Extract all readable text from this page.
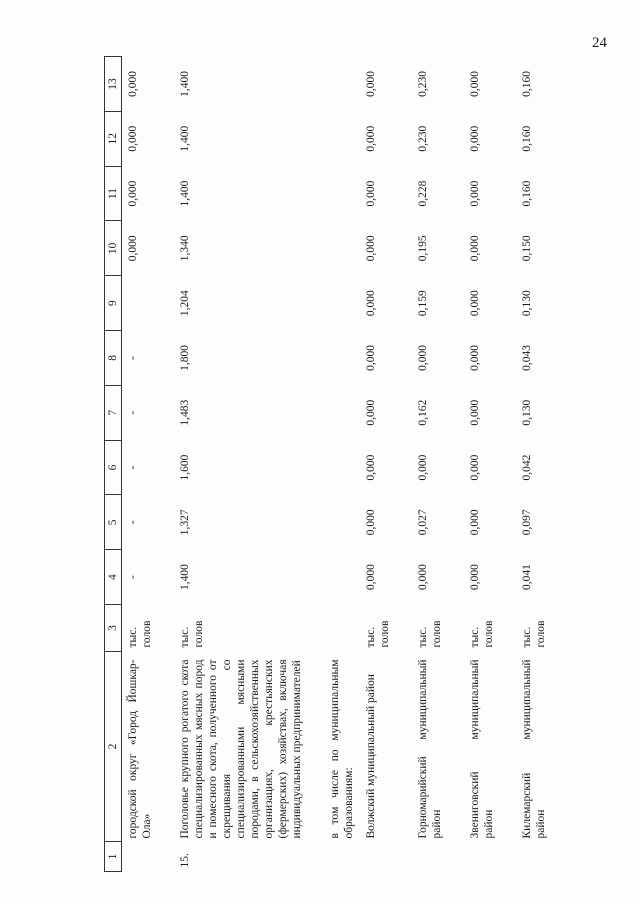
24
1	2	3	4	5	6	7	8	9	10	11	12	13
	городской округ «Город Йошкар-Ола»	тыс. голов	-	-	-	-	-		0,000	0,000	0,000	0,000
15.	Поголовье крупного рогатого скота специализированных мясных пород и помесного скота, полученного от скрещивания со специализированными мясными породами, в сельскохозяйственных организациях, крестьянских (фермерских) хозяйствах, включая индивидуальных предпринимателей	тыс. голов	1,400	1,327	1,600	1,483	1,800	1,204	1,340	1,400	1,400	1,400
	в том числе по муниципальным образованиям:											
	Волжский муниципальный район	тыс. голов	0,000	0,000	0,000	0,000	0,000	0,000	0,000	0,000	0,000	0,000
	Горномарийский муниципальный район	тыс. голов	0,000	0,027	0,000	0,162	0,000	0,159	0,195	0,228	0,230	0,230
	Звениговский муниципальный район	тыс. голов	0,000	0,000	0,000	0,000	0,000	0,000	0,000	0,000	0,000	0,000
	Килемарский муниципальный район	тыс. голов	0,041	0,097	0,042	0,130	0,043	0,130	0,150	0,160	0,160	0,160
